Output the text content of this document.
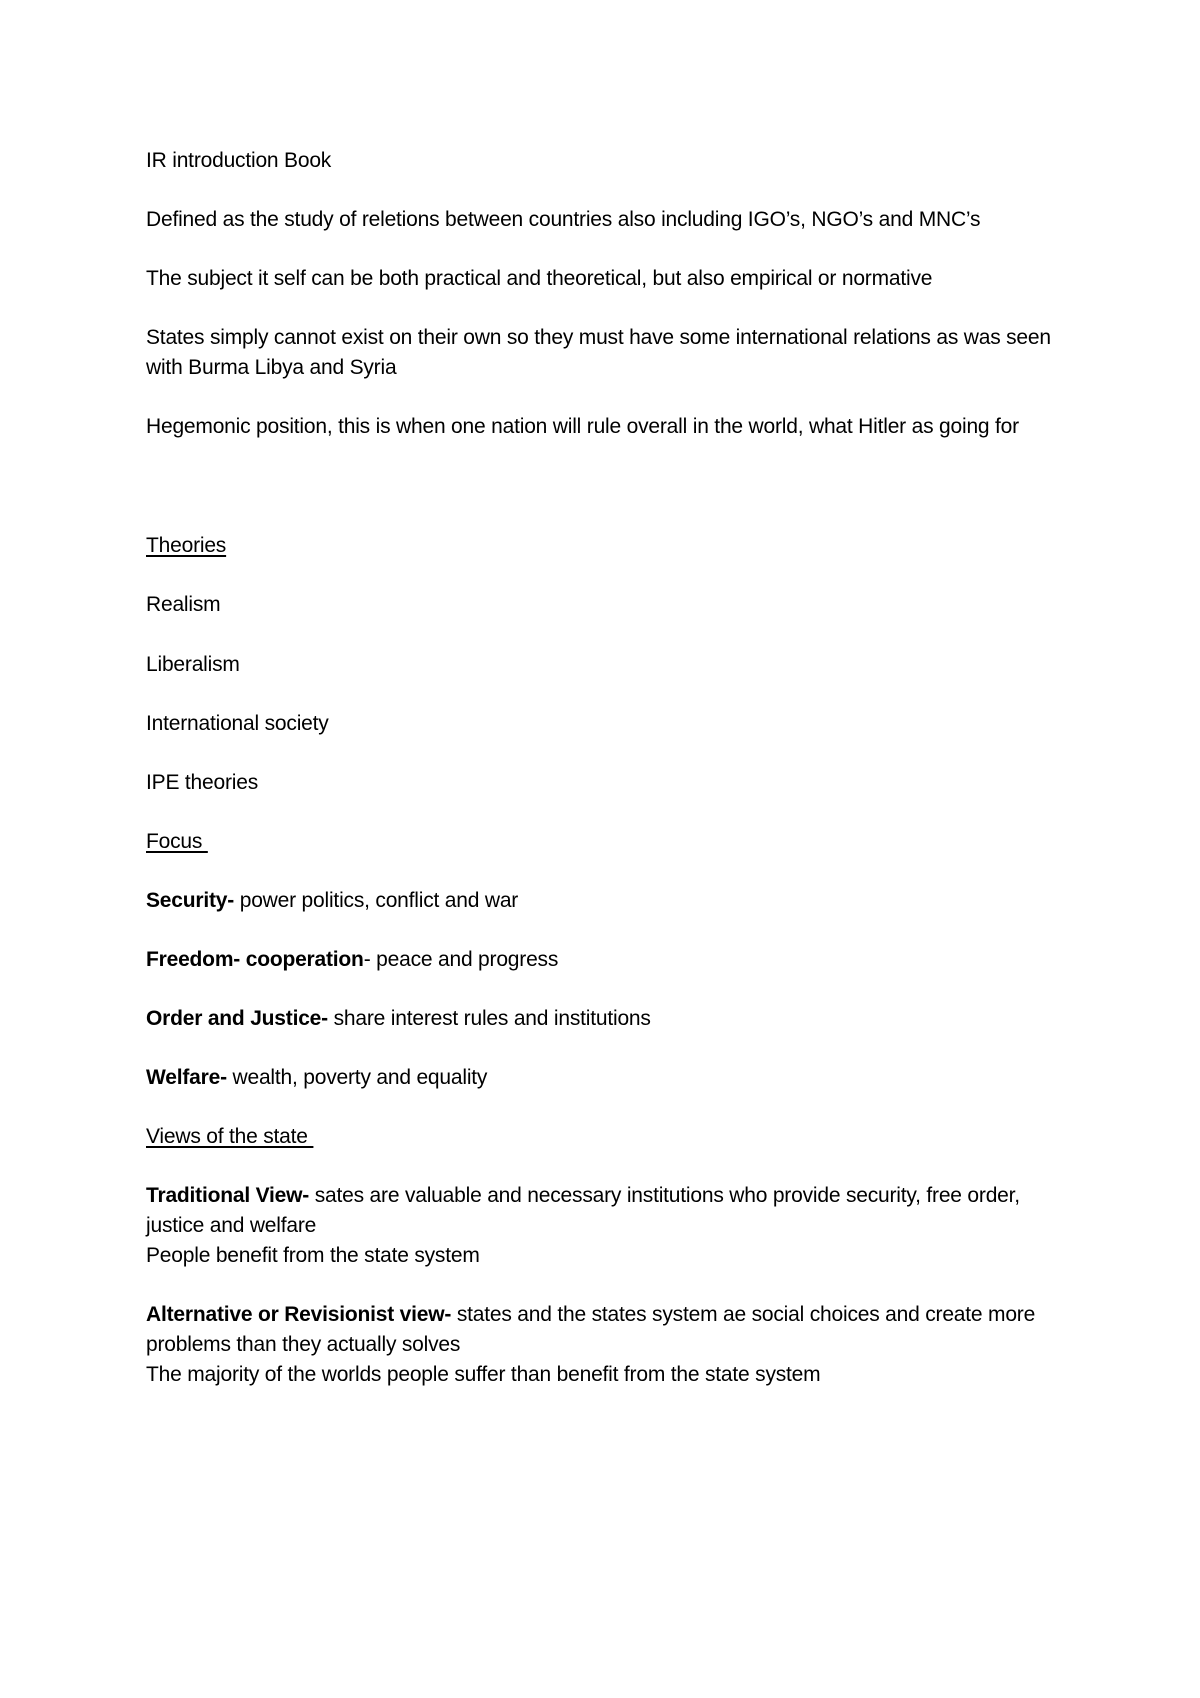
IR introduction Book

Defined as the study of reletions between countries also including IGO’s, NGO’s and MNC’s

The subject it self can be both practical and theoretical, but also empirical or normative

States simply cannot exist on their own so they must have some international relations as was seen with Burma Libya and Syria

Hegemonic position, this is when one nation will rule overall in the world, what Hitler as going for

Theories

Realism

Liberalism

International society

IPE theories

Focus

Security- power politics, conflict and war

Freedom- cooperation- peace and progress

Order and Justice- share interest rules and institutions

Welfare- wealth, poverty and equality

Views of the state

Traditional View- sates are valuable and necessary institutions who provide security, free order, justice and welfare
People benefit from the state system

Alternative or Revisionist view- states and the states system ae social choices and create more problems than they actually solves
The majority of the worlds people suffer than benefit from the state system
